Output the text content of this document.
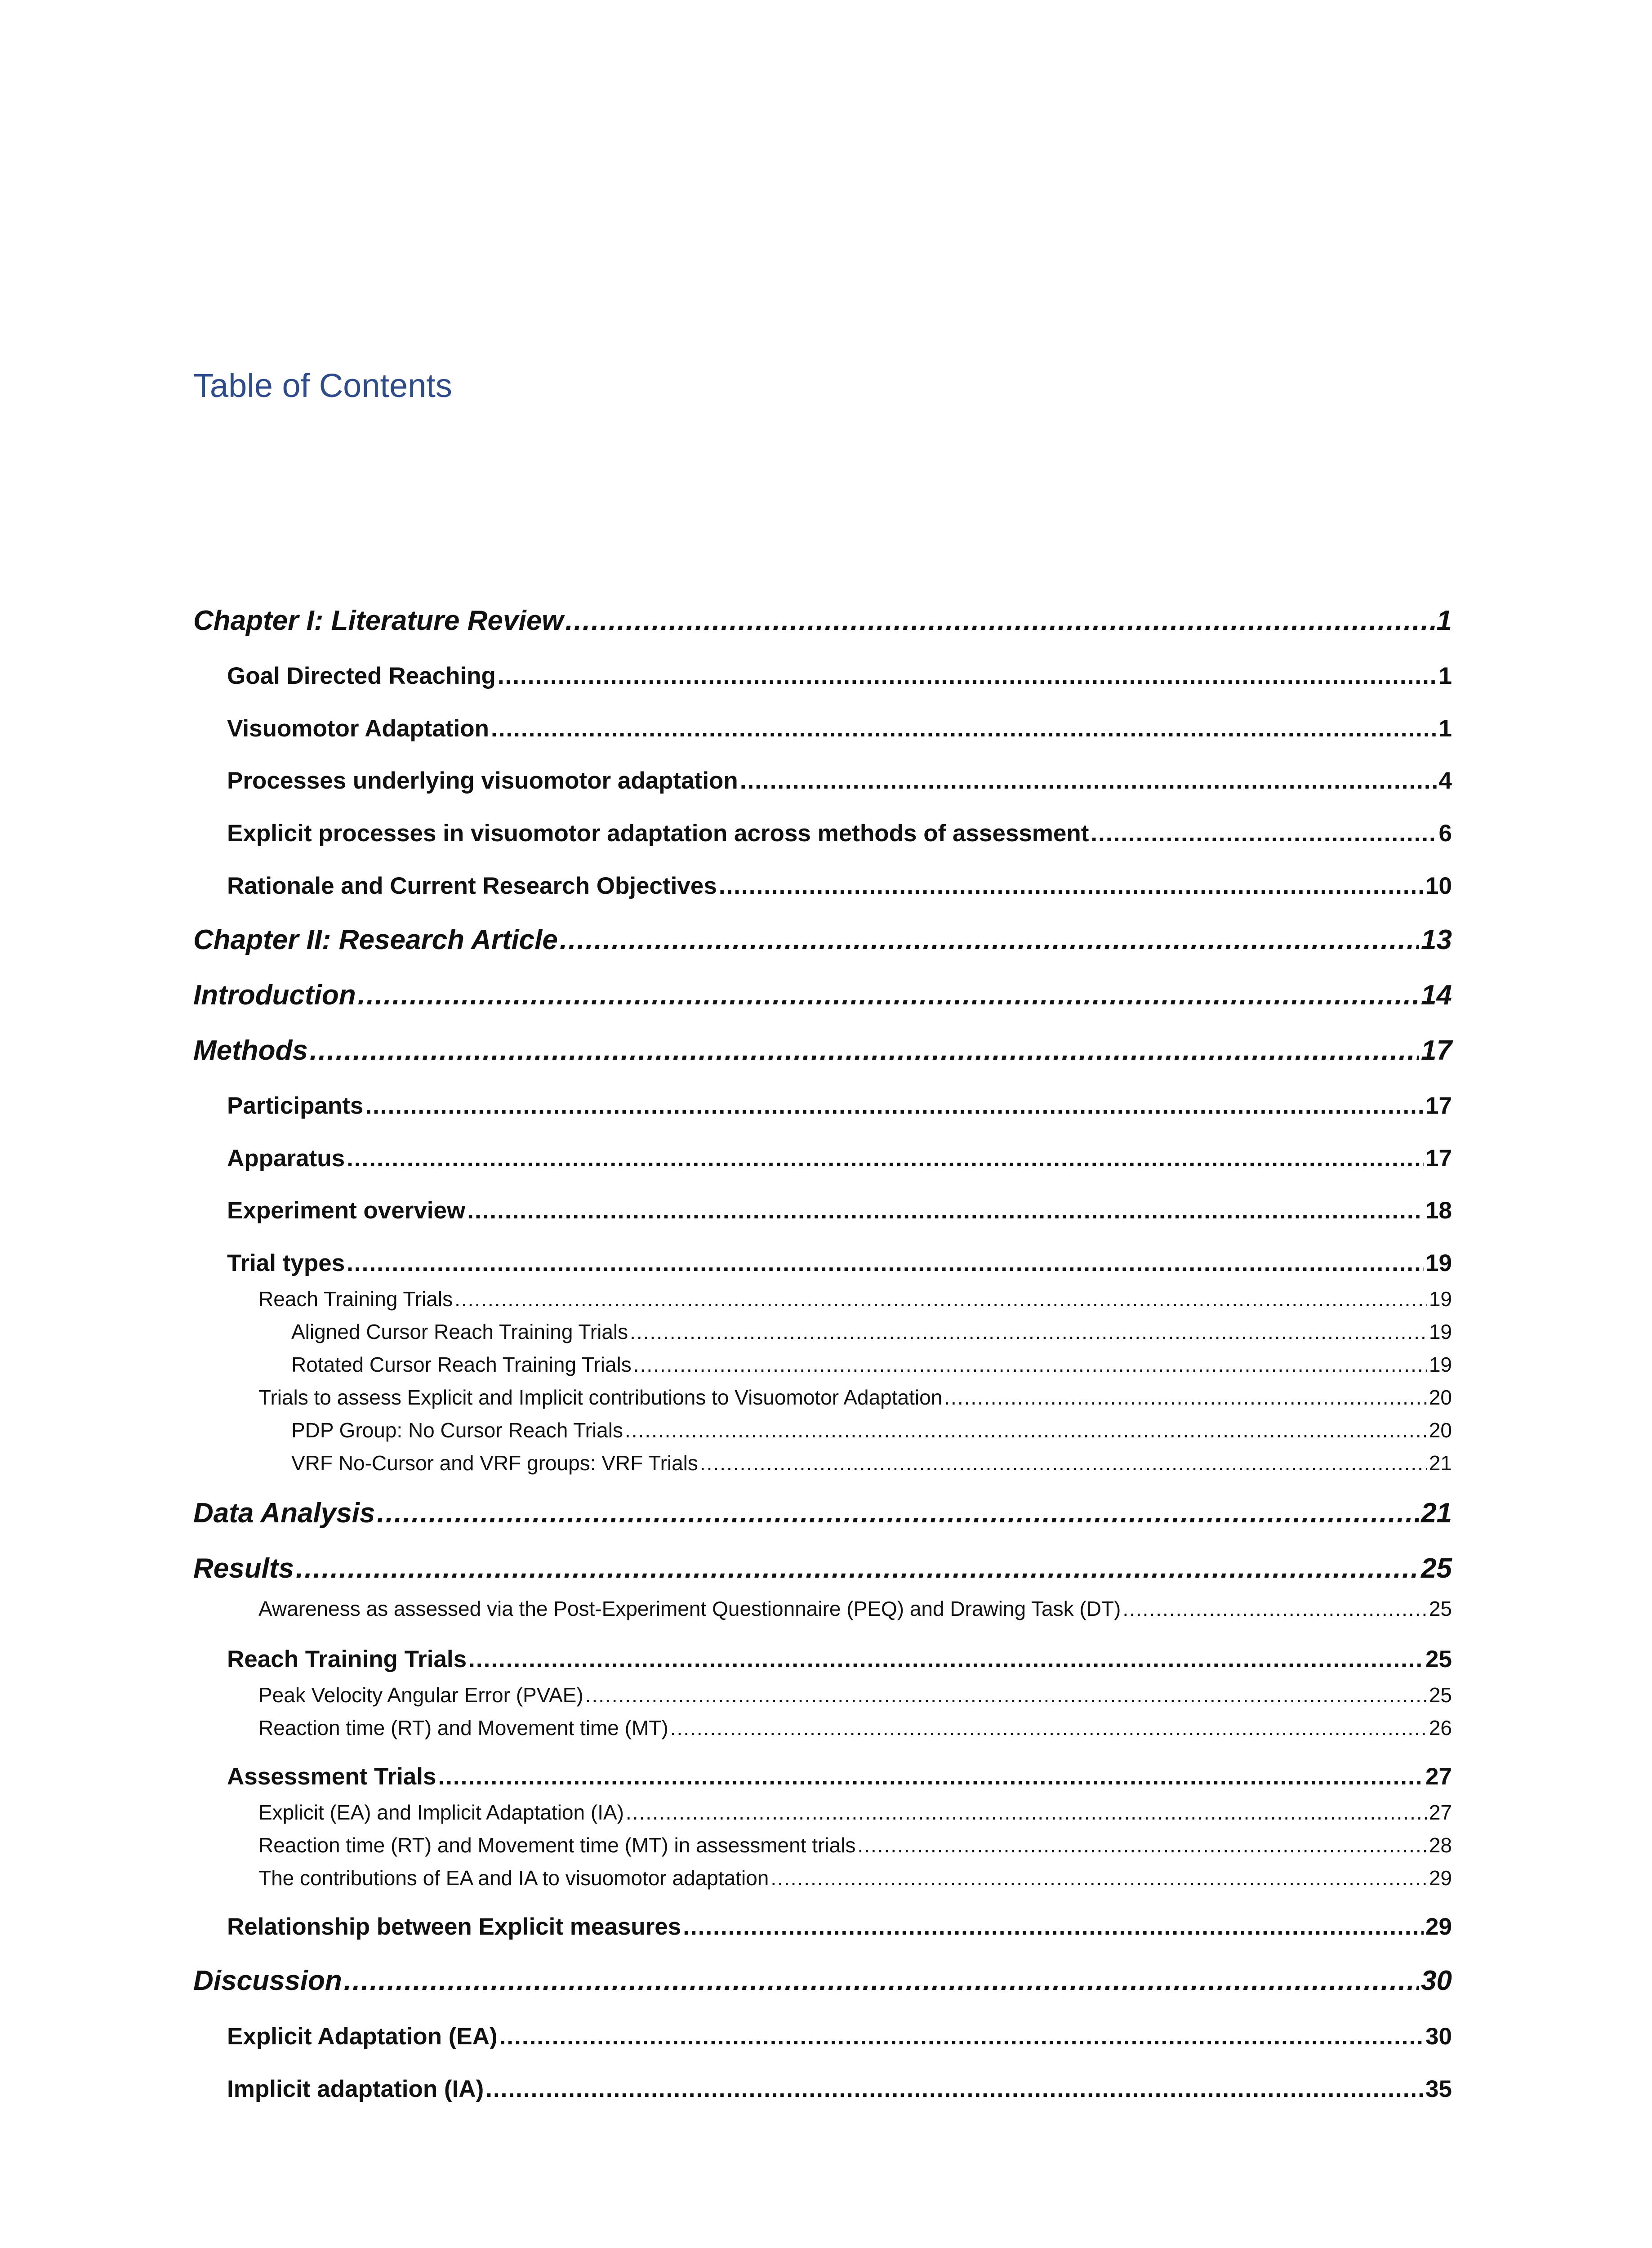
Table of Contents
Chapter I: Literature Review .....	1
Goal Directed Reaching .....	1
Visuomotor Adaptation .....	1
Processes underlying visuomotor adaptation .....	4
Explicit processes in visuomotor adaptation across methods of assessment .....	6
Rationale and Current Research Objectives .....	10
Chapter II: Research Article .....	13
Introduction .....	14
Methods .....	17
Participants .....	17
Apparatus .....	17
Experiment overview .....	18
Trial types .....	19
Reach Training Trials .....	19
Aligned Cursor Reach Training Trials .....	19
Rotated Cursor Reach Training Trials .....	19
Trials to assess Explicit and Implicit contributions to Visuomotor Adaptation .....	20
PDP Group: No Cursor Reach Trials .....	20
VRF No-Cursor and VRF groups: VRF Trials .....	21
Data Analysis .....	21
Results .....	25
Awareness as assessed via the Post-Experiment Questionnaire (PEQ) and Drawing Task (DT) .....	25
Reach Training Trials .....	25
Peak Velocity Angular Error (PVAE) .....	25
Reaction time (RT) and Movement time (MT) .....	26
Assessment Trials .....	27
Explicit (EA) and Implicit Adaptation (IA) .....	27
Reaction time (RT) and Movement time (MT) in assessment trials .....	28
The contributions of EA and IA to visuomotor adaptation .....	29
Relationship between Explicit measures .....	29
Discussion .....	30
Explicit Adaptation (EA) .....	30
Implicit adaptation (IA) .....	35
